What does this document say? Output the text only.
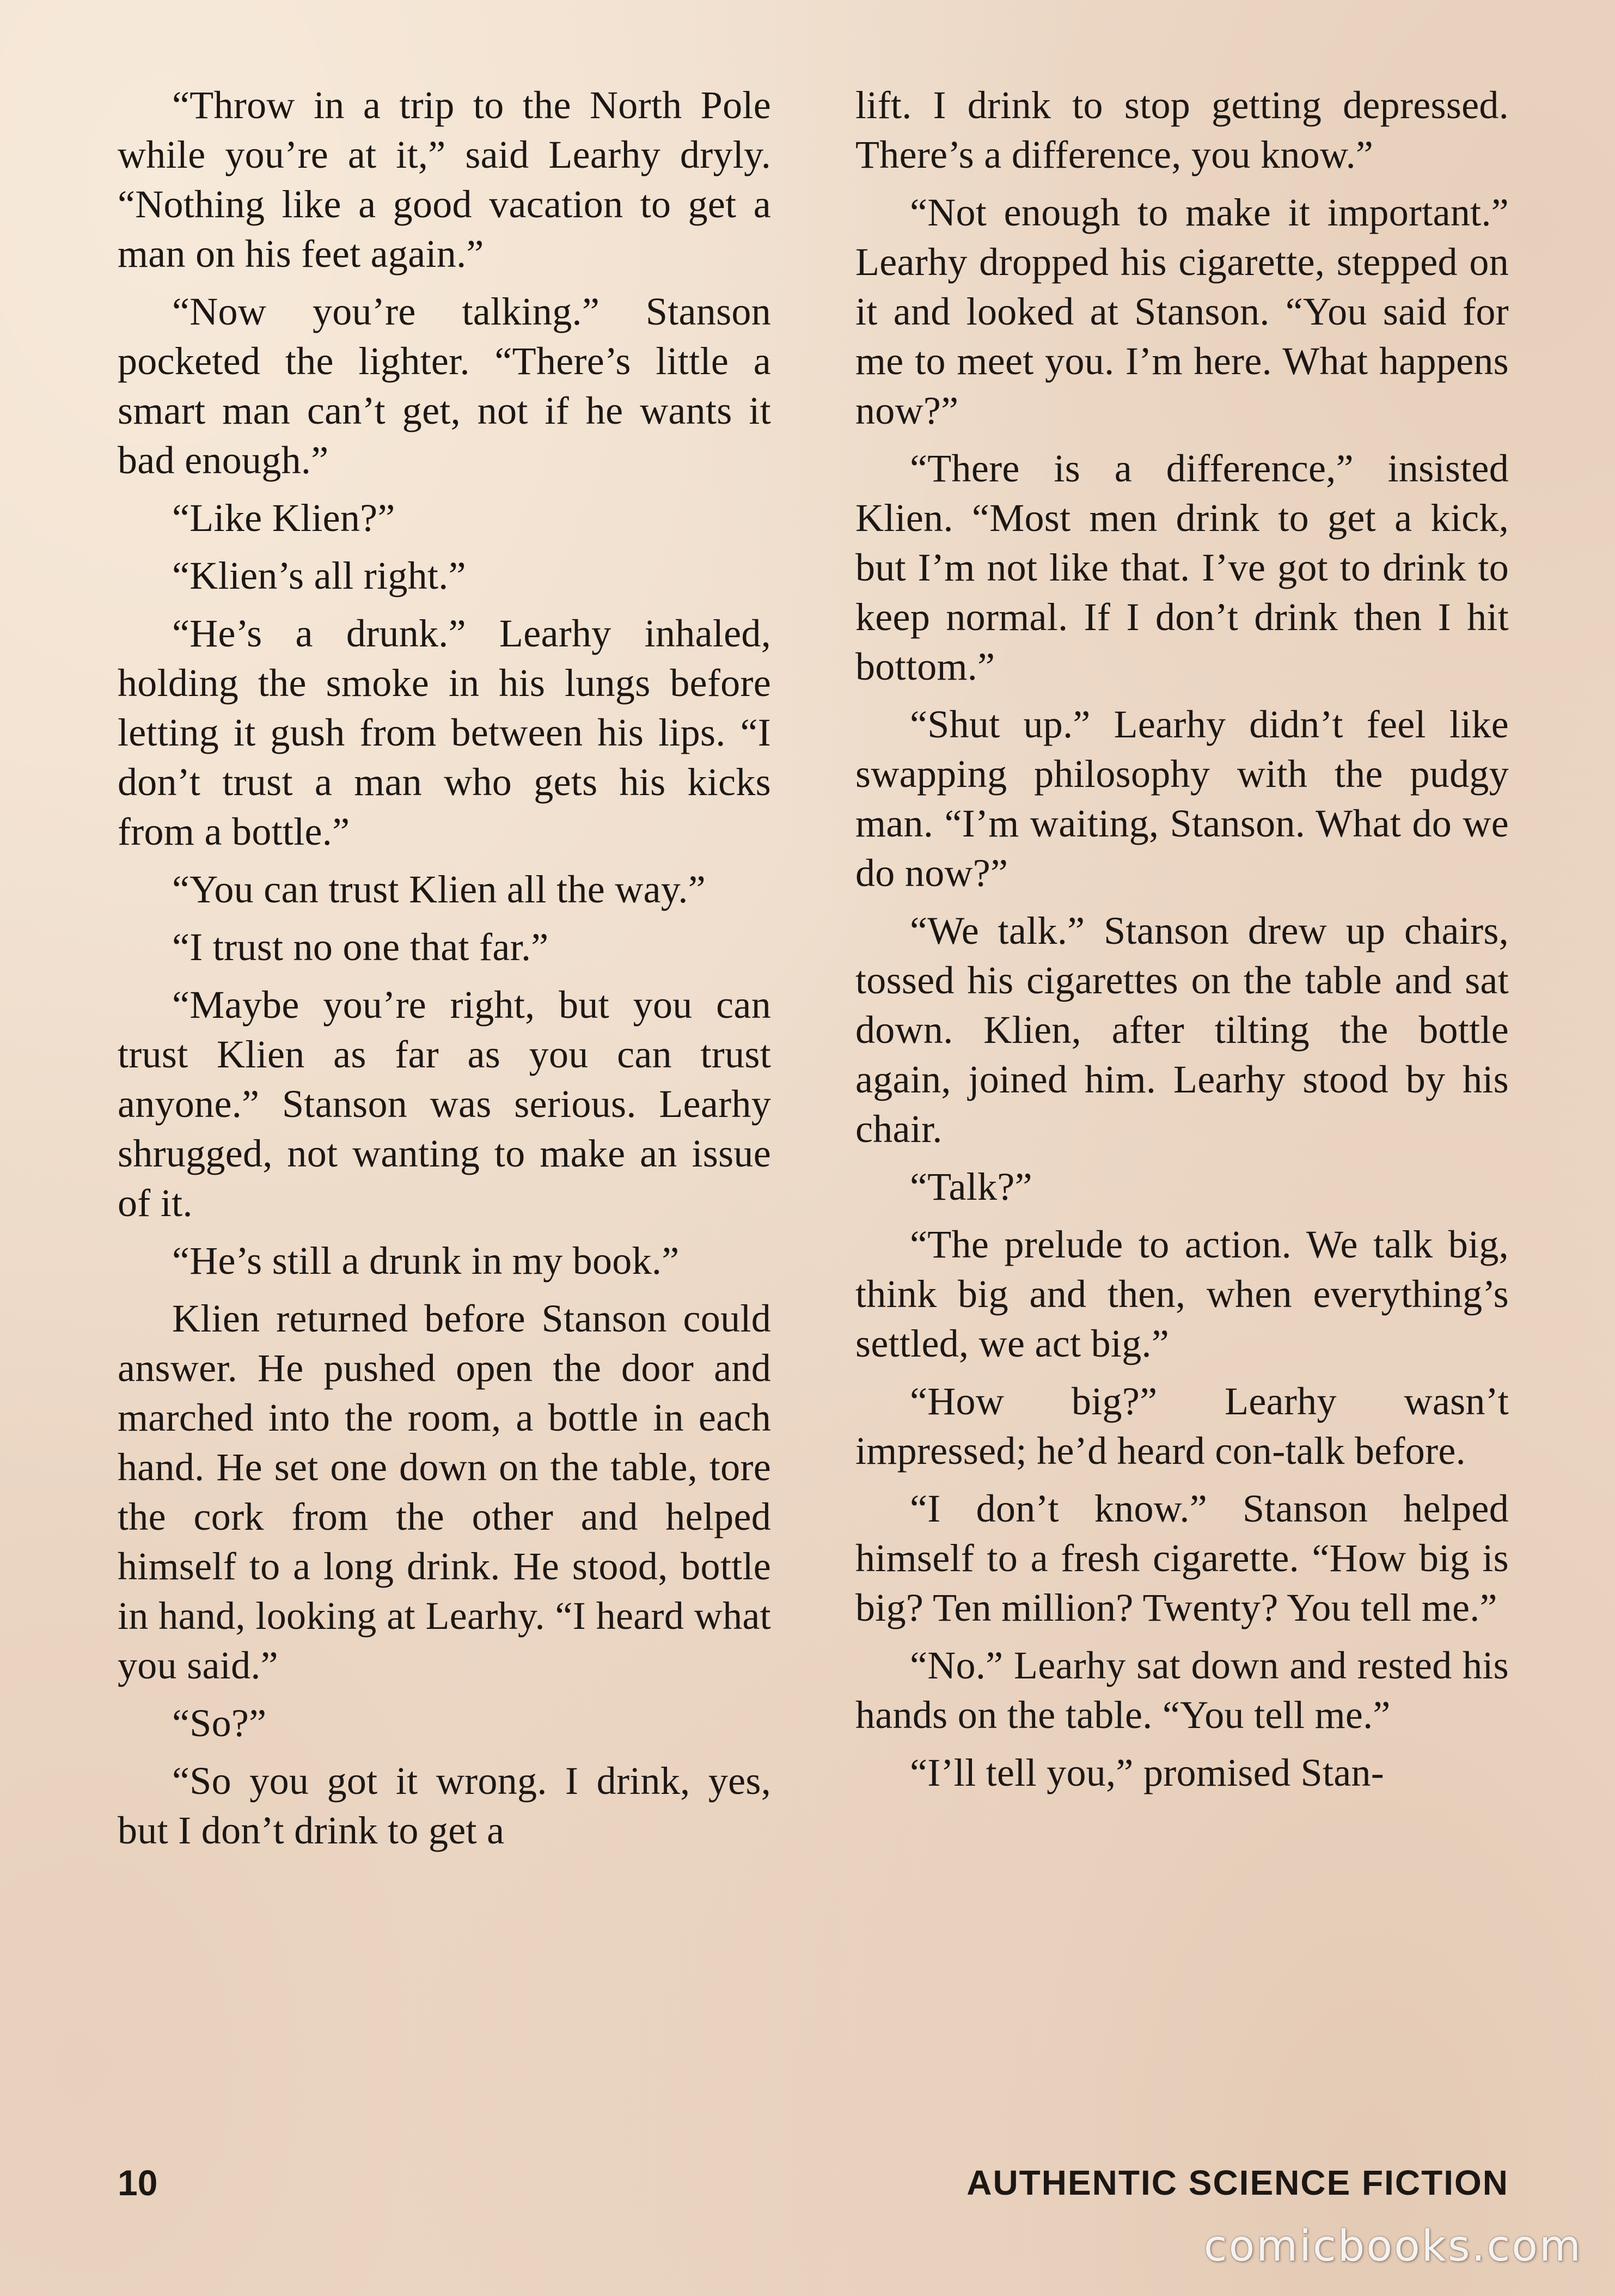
“Throw in a trip to the North Pole while you’re at it,” said Learhy dryly. “Nothing like a good vacation to get a man on his feet again.”

“Now you’re talking.” Stanson pocketed the lighter. “There’s little a smart man can’t get, not if he wants it bad enough.”

“Like Klien?”

“Klien’s all right.”

“He’s a drunk.” Learhy inhaled, holding the smoke in his lungs before letting it gush from between his lips. “I don’t trust a man who gets his kicks from a bottle.”

“You can trust Klien all the way.”

“I trust no one that far.”

“Maybe you’re right, but you can trust Klien as far as you can trust anyone.” Stanson was serious. Learhy shrugged, not wanting to make an issue of it.

“He’s still a drunk in my book.”

Klien returned before Stanson could answer. He pushed open the door and marched into the room, a bottle in each hand. He set one down on the table, tore the cork from the other and helped himself to a long drink. He stood, bottle in hand, looking at Learhy. “I heard what you said.”

“So?”

“So you got it wrong. I drink, yes, but I don’t drink to get a

lift. I drink to stop getting depressed. There’s a difference, you know.”

“Not enough to make it important.” Learhy dropped his cigarette, stepped on it and looked at Stanson. “You said for me to meet you. I’m here. What happens now?”

“There is a difference,” insisted Klien. “Most men drink to get a kick, but I’m not like that. I’ve got to drink to keep normal. If I don’t drink then I hit bottom.”

“Shut up.” Learhy didn’t feel like swapping philosophy with the pudgy man. “I’m waiting, Stanson. What do we do now?”

“We talk.” Stanson drew up chairs, tossed his cigarettes on the table and sat down. Klien, after tilting the bottle again, joined him. Learhy stood by his chair.

“Talk?”

“The prelude to action. We talk big, think big and then, when everything’s settled, we act big.”

“How big?” Learhy wasn’t impressed; he’d heard con-talk before.

“I don’t know.” Stanson helped himself to a fresh cigarette. “How big is big? Ten million? Twenty? You tell me.”

“No.” Learhy sat down and rested his hands on the table. “You tell me.”

“I’ll tell you,” promised Stan-

10	AUTHENTIC SCIENCE FICTION
comicbooks.com
